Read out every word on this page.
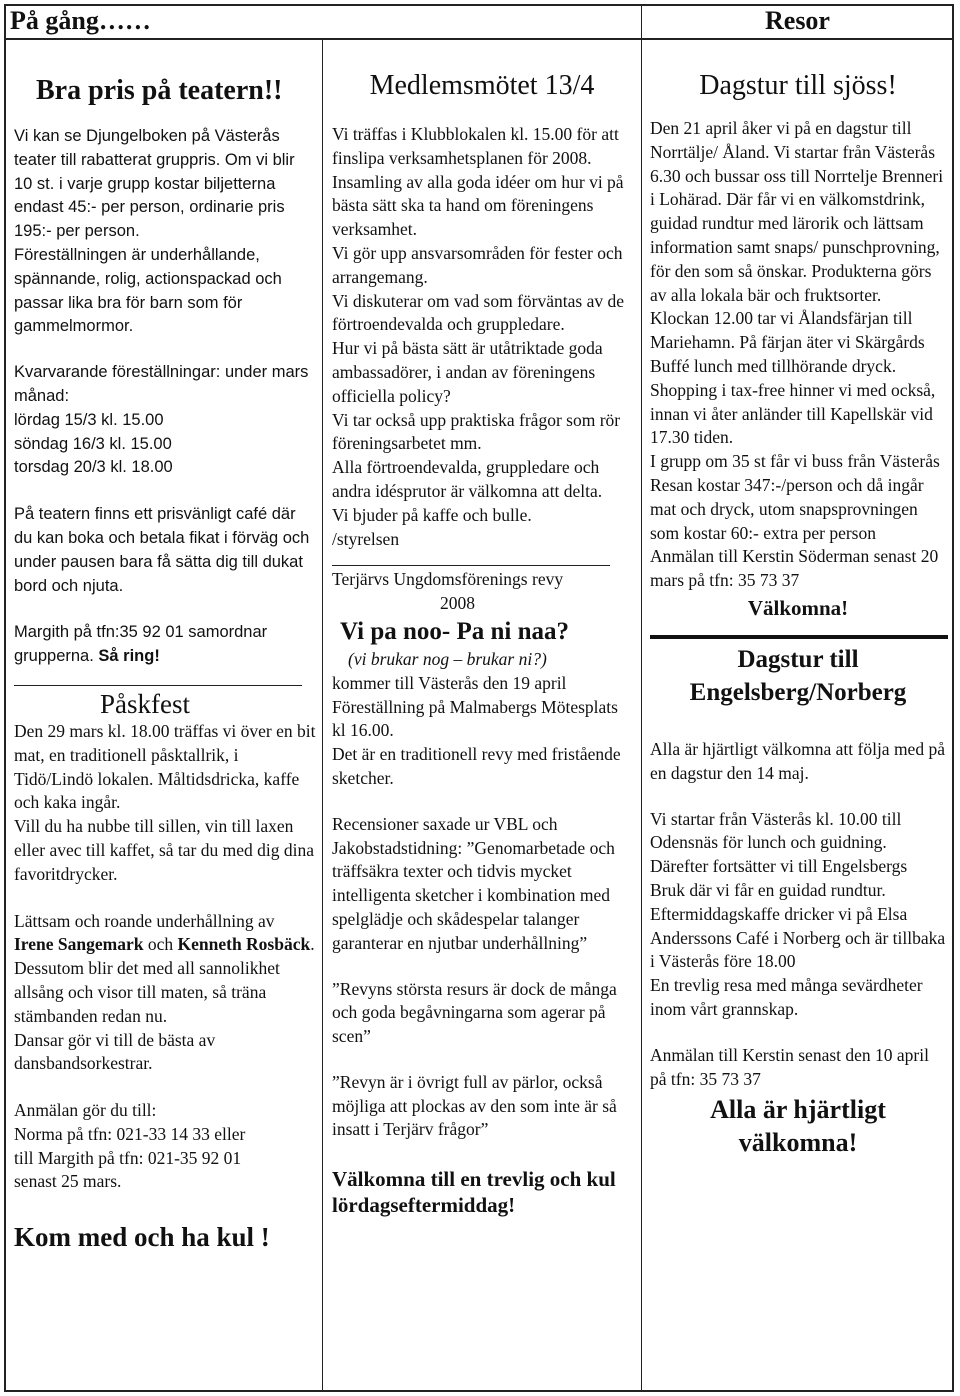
På gång……	Resor
Bra pris på teatern!!

Vi kan se Djungelboken på Västerås teater till rabatterat gruppris. Om vi blir 10 st. i varje grupp kostar biljetterna endast 45:- per person, ordinarie pris 195:- per person.

Föreställningen är underhållande, spännande, rolig, actionspackad och passar lika bra för barn som för gammelmormor.

Kvarvarande föreställningar: under mars månad:

lördag 15/3 kl. 15.00

söndag 16/3 kl. 15.00

torsdag 20/3 kl. 18.00

På teatern finns ett prisvänligt café där du kan boka och betala fikat i förväg och under pausen bara få sätta dig till dukat bord och njuta.

Margith på tfn:35 92 01 samordnar grupperna. Så ring!

Påskfest

Den 29 mars kl. 18.00 träffas vi över en bit mat, en traditionell påsktallrik, i Tidö/Lindö lokalen. Måltidsdricka, kaffe och kaka ingår.

Vill du ha nubbe till sillen, vin till laxen eller avec till kaffet, så tar du med dig dina favoritdrycker.

Lättsam och roande underhållning av Irene Sangemark och Kenneth Rosbäck.

Dessutom blir det med all sannolikhet allsång och visor till maten, så träna stämbanden redan nu.

Dansar gör vi till de bästa av dansbandsorkestrar.

Anmälan gör du till:

Norma på tfn: 021-33 14 33 eller

till Margith på tfn: 021-35 92 01

senast 25 mars.

Kom med och ha kul !
Medlemsmötet 13/4

Vi träffas i Klubblokalen kl. 15.00 för att finslipa verksamhetsplanen för 2008.

Insamling av alla goda idéer om hur vi på bästa sätt ska ta hand om föreningens verksamhet.

Vi gör upp ansvarsområden för fester och arrangemang.

Vi diskuterar om vad som förväntas av de förtroendevalda och gruppledare.

Hur vi på bästa sätt är utåtriktade goda ambassadörer, i andan av föreningens officiella policy?

Vi tar också upp praktiska frågor som rör föreningsarbetet mm.

Alla förtroendevalda, gruppledare och andra idésprutor är välkomna att delta.

Vi bjuder på kaffe och bulle.

/styrelsen

Terjärvs Ungdomsförenings revy

2008

Vi pa noo- Pa ni naa?

(vi brukar nog – brukar ni?)

kommer till Västerås den 19 april Föreställning på Malmabergs Mötesplats kl 16.00.

Det är en traditionell revy med fristående sketcher.

Recensioner saxade ur VBL och Jakobstadstidning: ”Genomarbetade och träffsäkra texter och tidvis mycket intelligenta sketcher i kombination med spelglädje och skådespelar talanger garanterar en njutbar underhållning”

”Revyns största resurs är dock de många och goda begåvningarna som agerar på scen”

”Revyn är i övrigt full av pärlor, också möjliga att plockas av den som inte är så insatt i Terjärv frågor”

Välkomna till en trevlig och kul lördagseftermiddag!
Dagstur till sjöss!

Den 21 april åker vi på en dagstur till Norrtälje/ Åland. Vi startar från Västerås 6.30 och bussar oss till Norrtelje Brenneri i Lohärad. Där får vi en välkomstdrink, guidad rundtur med lärorik och lättsam information samt snaps/ punschprovning, för den som så önskar. Produkterna görs av alla lokala bär och fruktsorter.

Klockan 12.00 tar vi Ålandsfärjan till Mariehamn. På färjan äter vi Skärgårds Buffé lunch med tillhörande dryck.

Shopping i tax-free hinner vi med också, innan vi åter anländer till Kapellskär vid 17.30 tiden.

I grupp om 35 st får vi buss från Västerås

Resan kostar 347:-/person och då ingår mat och dryck, utom snapsprovningen som kostar 60:- extra per person

Anmälan till Kerstin Söderman senast 20 mars på tfn: 35 73 37

Välkomna!
Dagstur till Engelsberg/Norberg

Alla är hjärtligt välkomna att följa med på en dagstur den 14 maj.

Vi startar från Västerås kl. 10.00 till Odensnäs för lunch och guidning.

Därefter fortsätter vi till Engelsbergs Bruk där vi får en guidad rundtur. Eftermiddagskaffe dricker vi på Elsa Anderssons Café i Norberg och är tillbaka i Västerås före 18.00

En trevlig resa med många sevärdheter inom vårt grannskap.

Anmälan till Kerstin senast den 10 april på tfn: 35 73 37

Alla är hjärtligt välkomna!
